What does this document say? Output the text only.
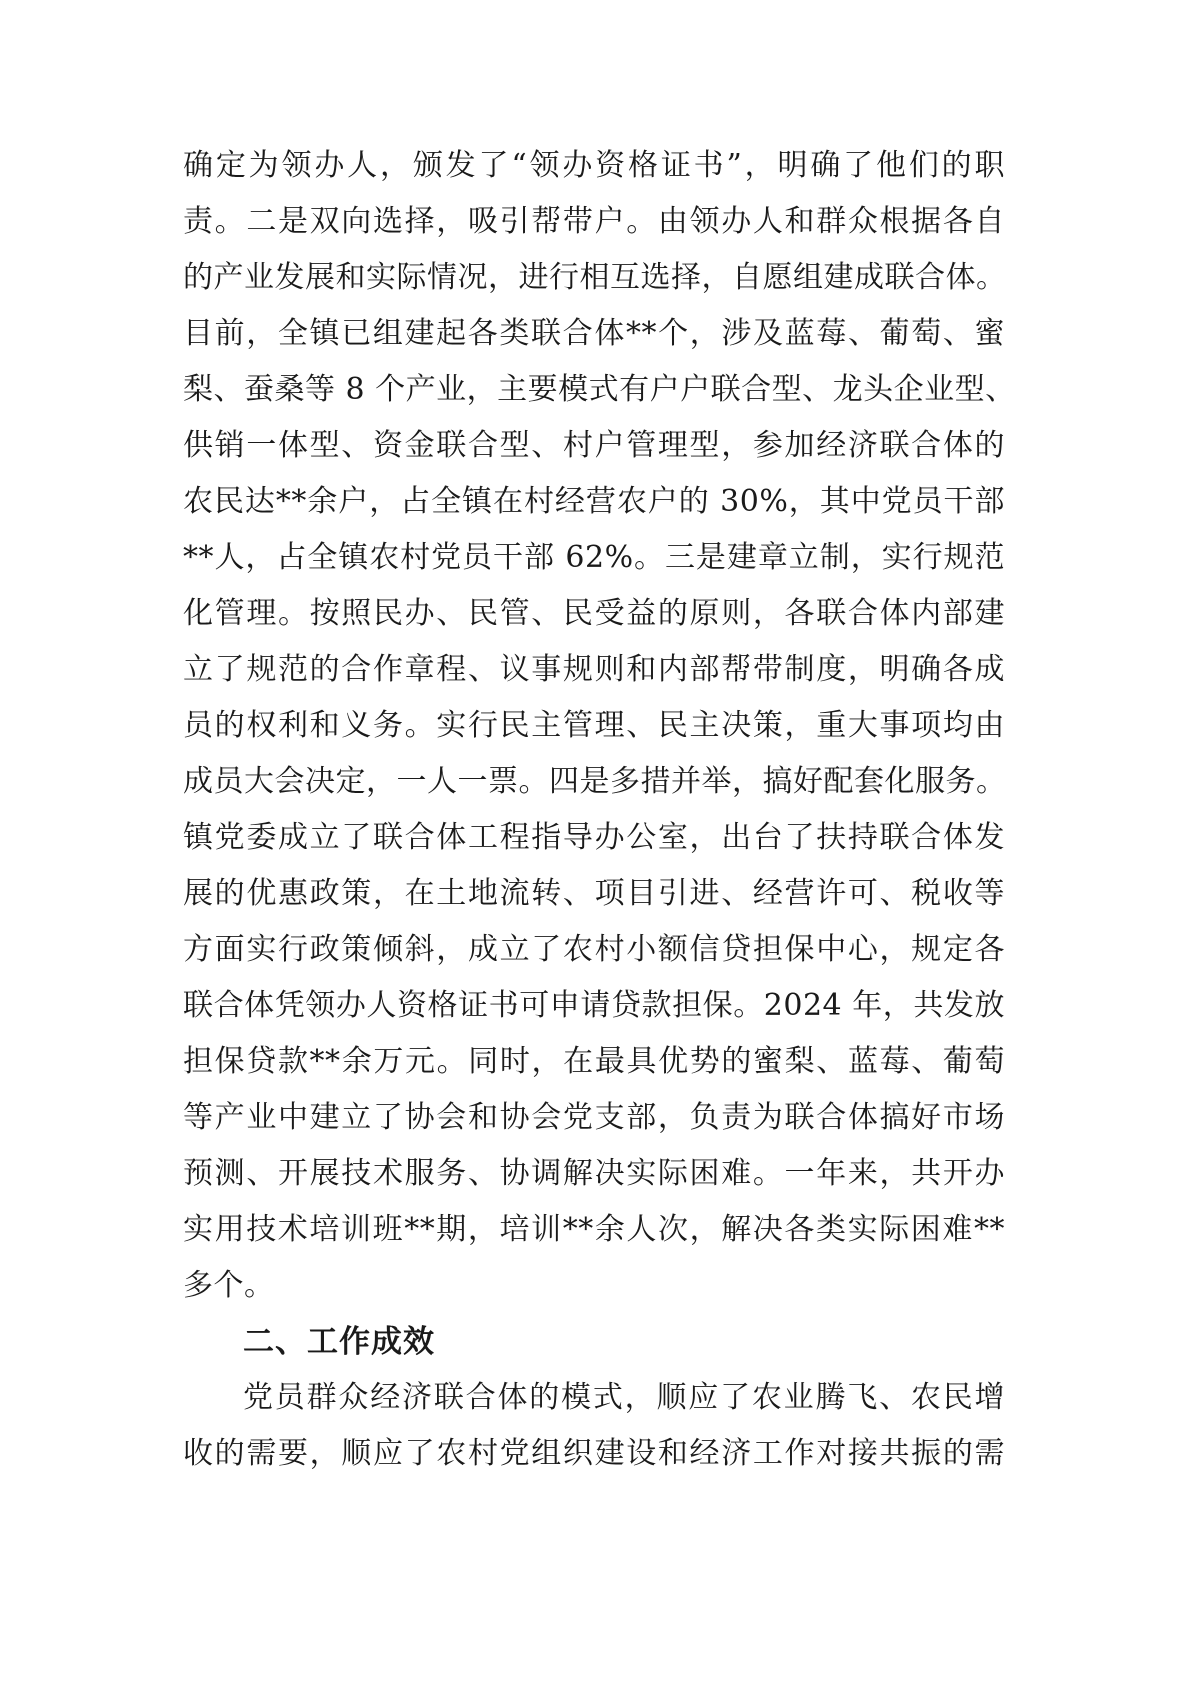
确定为领办人，颁发了“领办资格证书”，明确了他们的职
责。二是双向选择，吸引帮带户。由领办人和群众根据各自
的产业发展和实际情况，进行相互选择，自愿组建成联合体。
目前，全镇已组建起各类联合体**个，涉及蓝莓、葡萄、蜜
梨、蚕桑等 8 个产业，主要模式有户户联合型、龙头企业型、
供销一体型、资金联合型、村户管理型，参加经济联合体的
农民达**余户，占全镇在村经营农户的 30%，其中党员干部
**人，占全镇农村党员干部 62%。三是建章立制，实行规范
化管理。按照民办、民管、民受益的原则，各联合体内部建
立了规范的合作章程、议事规则和内部帮带制度，明确各成
员的权利和义务。实行民主管理、民主决策，重大事项均由
成员大会决定，一人一票。四是多措并举，搞好配套化服务。
镇党委成立了联合体工程指导办公室，出台了扶持联合体发
展的优惠政策，在土地流转、项目引进、经营许可、税收等
方面实行政策倾斜，成立了农村小额信贷担保中心，规定各
联合体凭领办人资格证书可申请贷款担保。2024 年，共发放
担保贷款**余万元。同时，在最具优势的蜜梨、蓝莓、葡萄
等产业中建立了协会和协会党支部，负责为联合体搞好市场
预测、开展技术服务、协调解决实际困难。一年来，共开办
实用技术培训班**期，培训**余人次，解决各类实际困难**
多个。
二、工作成效
党员群众经济联合体的模式，顺应了农业腾飞、农民增
收的需要，顺应了农村党组织建设和经济工作对接共振的需
